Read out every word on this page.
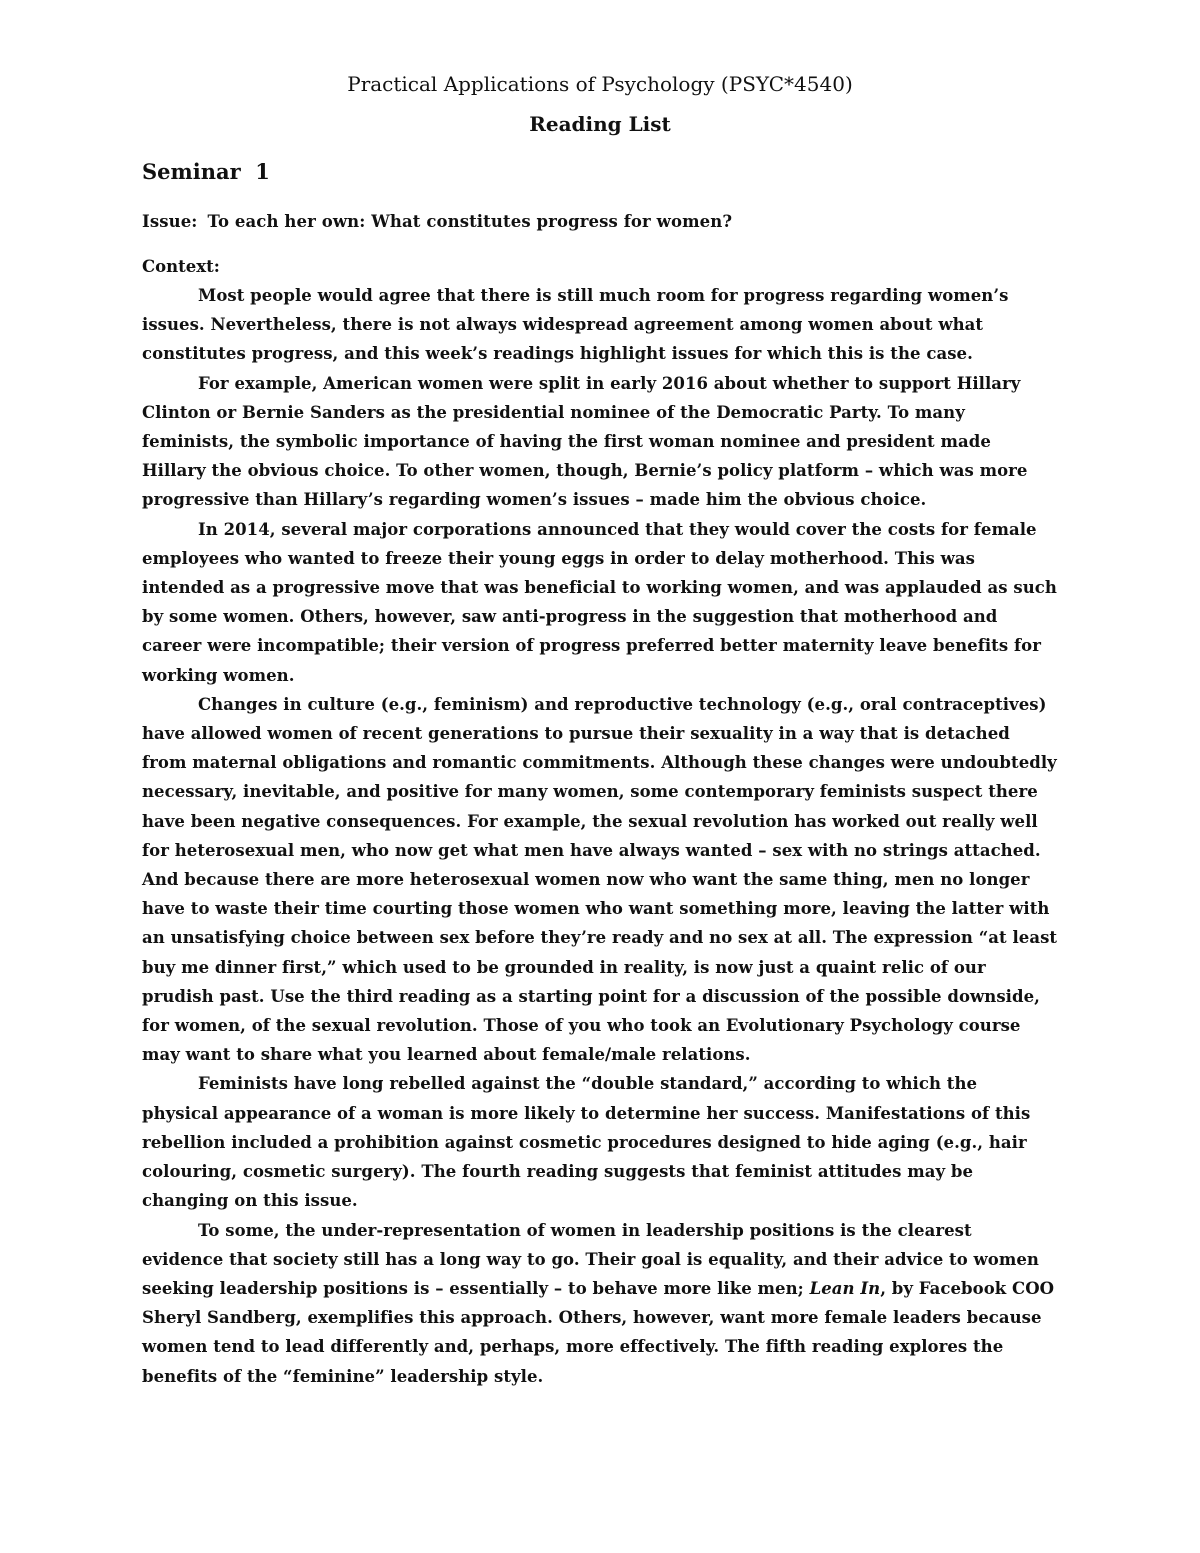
Practical Applications of Psychology (PSYC*4540)
Reading List
Seminar  1

Issue: To each her own: What constitutes progress for women?

Context:

Most people would agree that there is still much room for progress regarding women’s issues. Nevertheless, there is not always widespread agreement among women about what constitutes progress, and this week’s readings highlight issues for which this is the case.

For example, American women were split in early 2016 about whether to support Hillary Clinton or Bernie Sanders as the presidential nominee of the Democratic Party. To many feminists, the symbolic importance of having the first woman nominee and president made Hillary the obvious choice. To other women, though, Bernie’s policy platform – which was more progressive than Hillary’s regarding women’s issues – made him the obvious choice.

In 2014, several major corporations announced that they would cover the costs for female employees who wanted to freeze their young eggs in order to delay motherhood. This was intended as a progressive move that was beneficial to working women, and was applauded as such by some women. Others, however, saw anti-progress in the suggestion that motherhood and career were incompatible; their version of progress preferred better maternity leave benefits for working women.

Changes in culture (e.g., feminism) and reproductive technology (e.g., oral contraceptives) have allowed women of recent generations to pursue their sexuality in a way that is detached from maternal obligations and romantic commitments. Although these changes were undoubtedly necessary, inevitable, and positive for many women, some contemporary feminists suspect there have been negative consequences. For example, the sexual revolution has worked out really well for heterosexual men, who now get what men have always wanted – sex with no strings attached. And because there are more heterosexual women now who want the same thing, men no longer have to waste their time courting those women who want something more, leaving the latter with an unsatisfying choice between sex before they’re ready and no sex at all. The expression “at least buy me dinner first,” which used to be grounded in reality, is now just a quaint relic of our prudish past. Use the third reading as a starting point for a discussion of the possible downside, for women, of the sexual revolution. Those of you who took an Evolutionary Psychology course may want to share what you learned about female/male relations.

Feminists have long rebelled against the “double standard,” according to which the physical appearance of a woman is more likely to determine her success. Manifestations of this rebellion included a prohibition against cosmetic procedures designed to hide aging (e.g., hair colouring, cosmetic surgery). The fourth reading suggests that feminist attitudes may be changing on this issue.

To some, the under-representation of women in leadership positions is the clearest evidence that society still has a long way to go. Their goal is equality, and their advice to women seeking leadership positions is – essentially – to behave more like men; Lean In, by Facebook COO Sheryl Sandberg, exemplifies this approach. Others, however, want more female leaders because women tend to lead differently and, perhaps, more effectively. The fifth reading explores the benefits of the “feminine” leadership style.
